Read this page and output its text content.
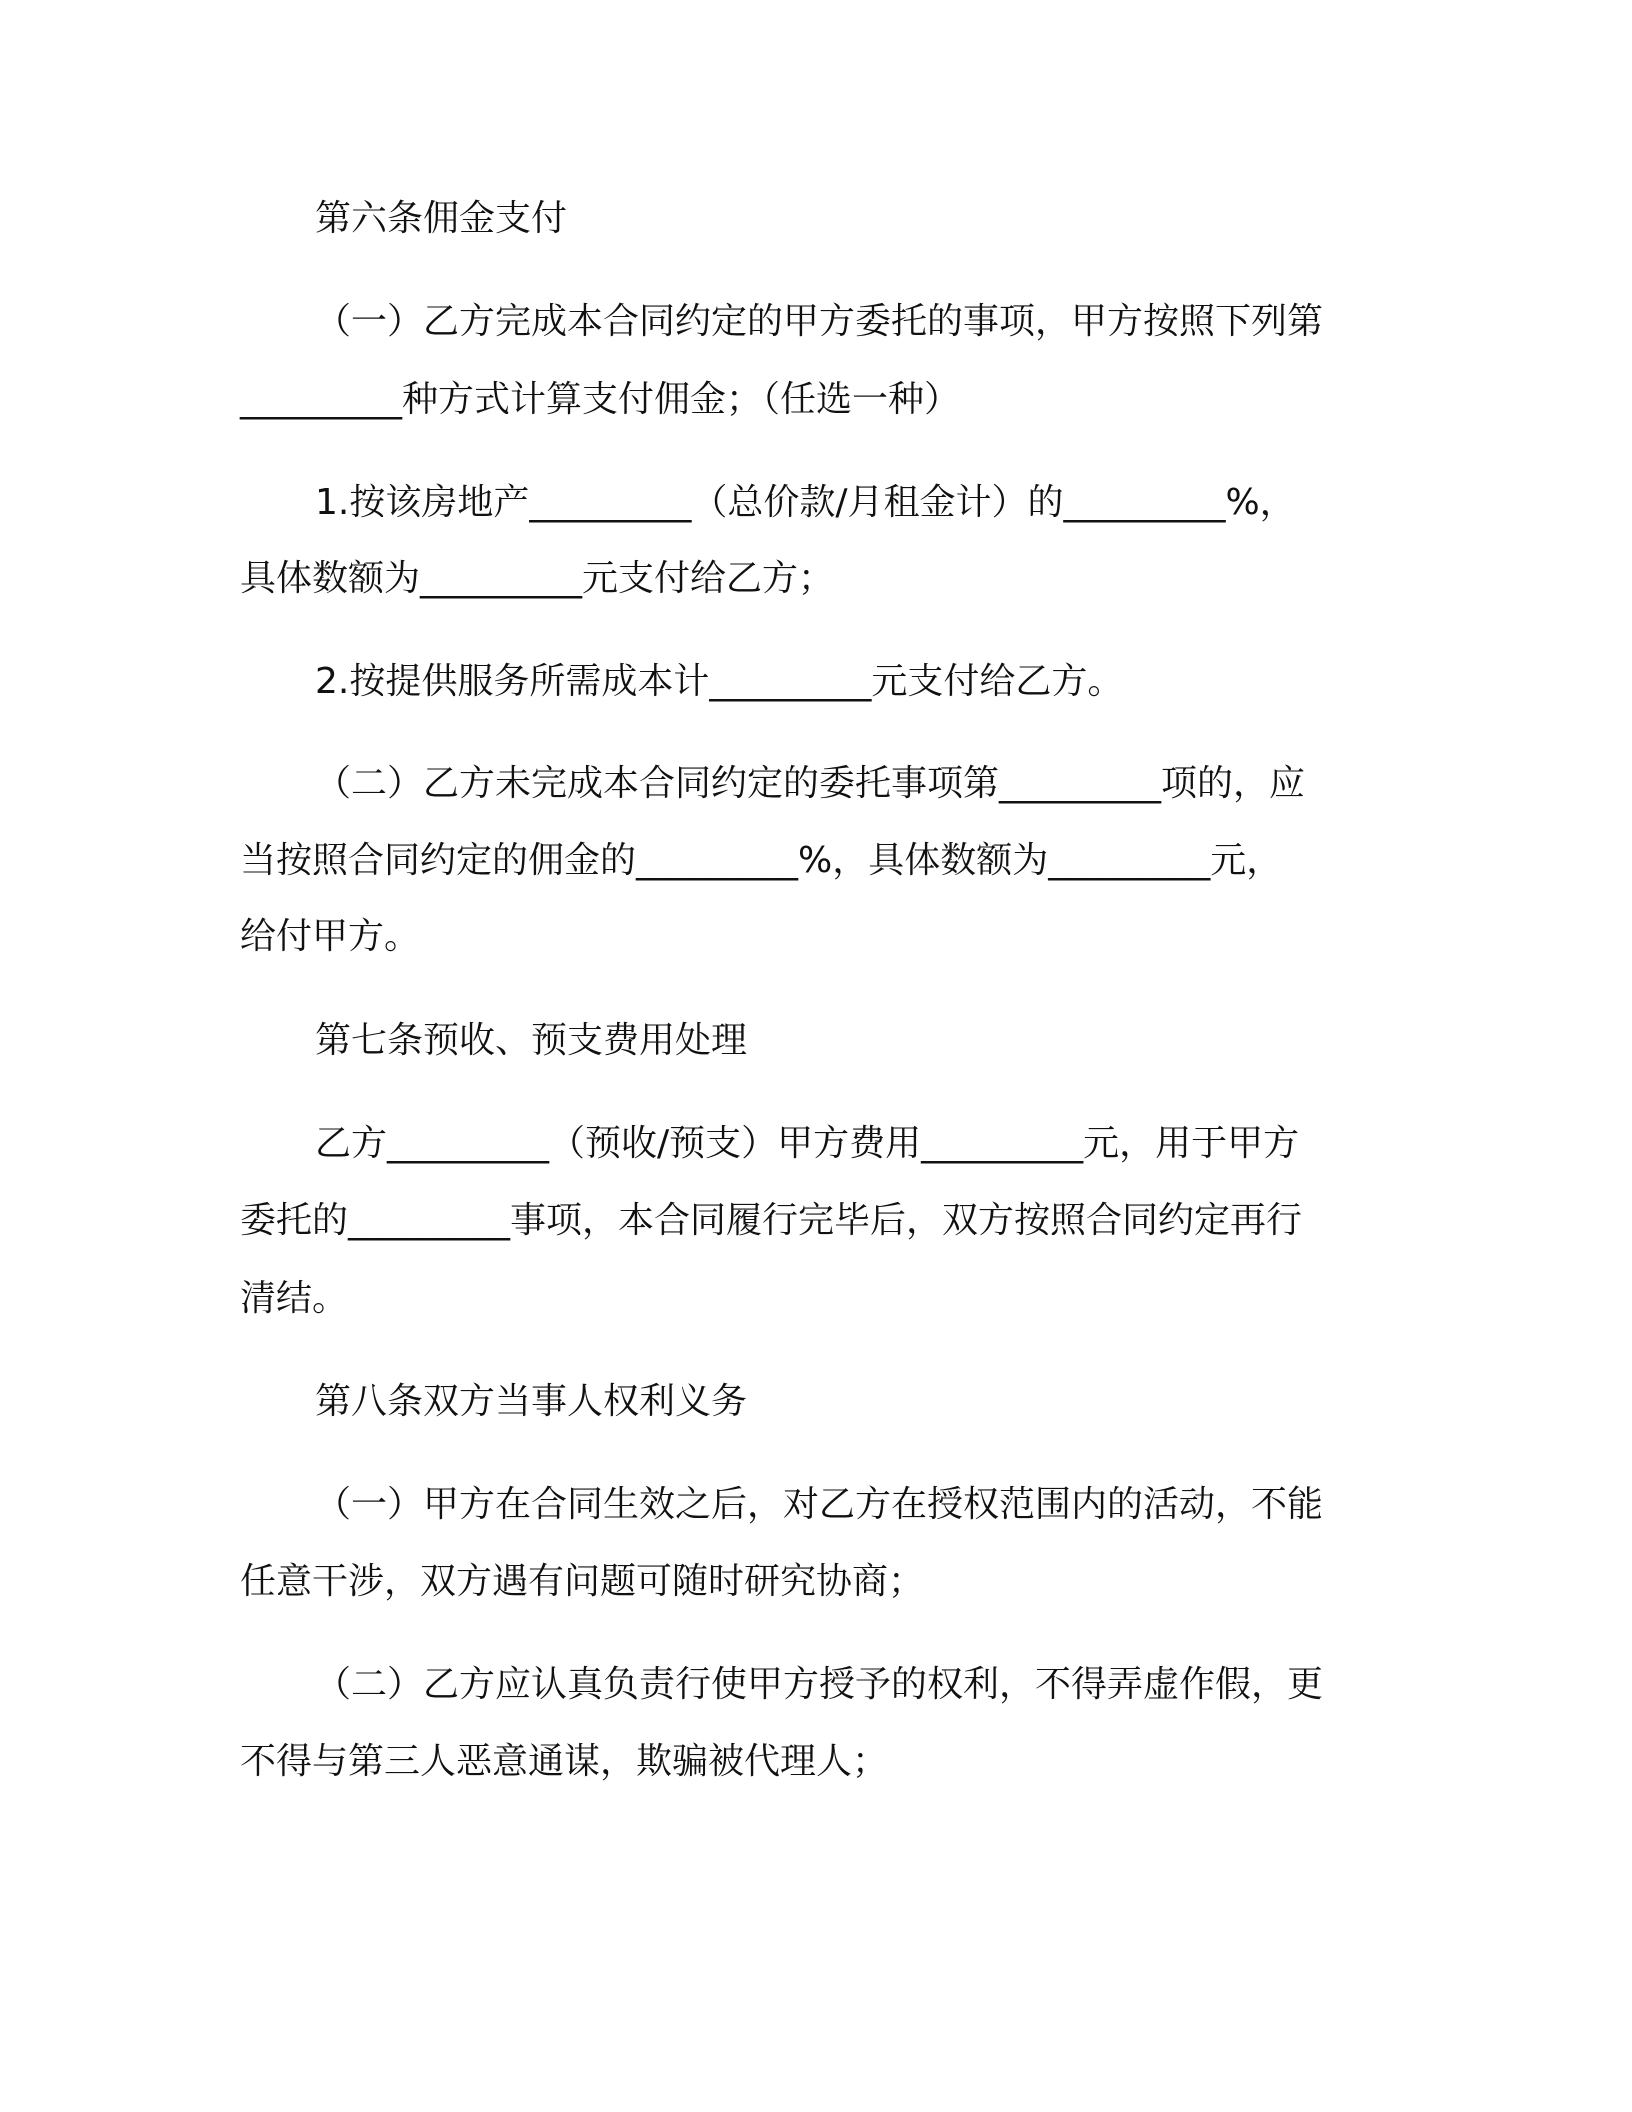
第六条佣金支付
（一）乙方完成本合同约定的甲方委托的事项，甲方按照下列第
_________种方式计算支付佣金；（任选一种）
1.按该房地产_________（总价款/月租金计）的_________%，
具体数额为_________元支付给乙方；
2.按提供服务所需成本计_________元支付给乙方。
（二）乙方未完成本合同约定的委托事项第_________项的，应
当按照合同约定的佣金的_________%，具体数额为_________元，
给付甲方。
第七条预收、预支费用处理
乙方_________（预收/预支）甲方费用_________元，用于甲方
委托的_________事项，本合同履行完毕后，双方按照合同约定再行
清结。
第八条双方当事人权利义务
（一）甲方在合同生效之后，对乙方在授权范围内的活动，不能
任意干涉，双方遇有问题可随时研究协商；
（二）乙方应认真负责行使甲方授予的权利，不得弄虚作假，更
不得与第三人恶意通谋，欺骗被代理人；
